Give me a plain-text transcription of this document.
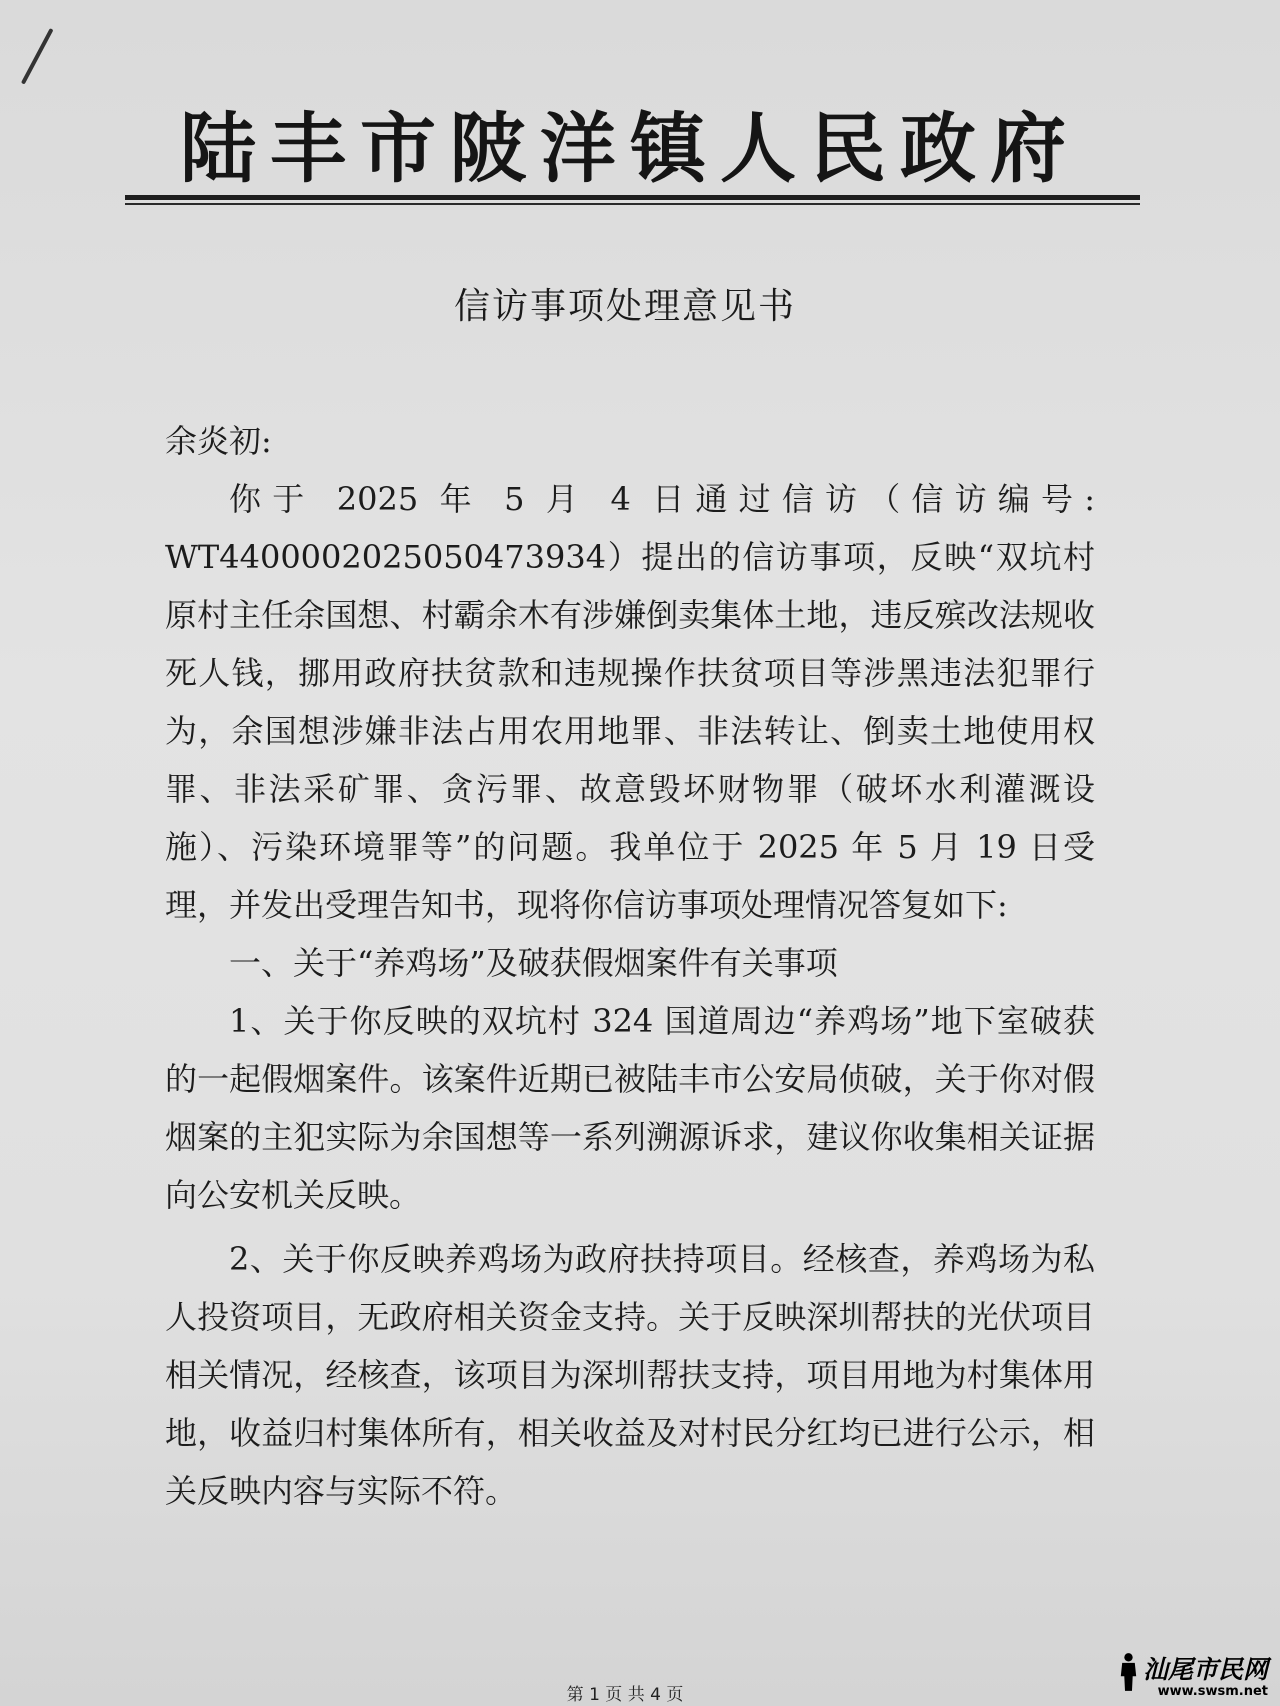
陆丰市陂洋镇人民政府
信访事项处理意见书

余炎初:

你于 2025 年 5 月 4 日通过信访（信访编号: WT4400002025050473934）提出的信访事项，反映“双坑村原村主任余国想、村霸余木有涉嫌倒卖集体土地，违反殡改法规收死人钱，挪用政府扶贫款和违规操作扶贫项目等涉黑违法犯罪行为，余国想涉嫌非法占用农用地罪、非法转让、倒卖土地使用权罪、非法采矿罪、贪污罪、故意毁坏财物罪（破坏水利灌溉设施）、污染环境罪等”的问题。我单位于 2025 年 5 月 19 日受理，并发出受理告知书，现将你信访事项处理情况答复如下:

一、关于“养鸡场”及破获假烟案件有关事项

1、关于你反映的双坑村 324 国道周边“养鸡场”地下室破获的一起假烟案件。该案件近期已被陆丰市公安局侦破，关于你对假烟案的主犯实际为余国想等一系列溯源诉求，建议你收集相关证据向公安机关反映。

2、关于你反映养鸡场为政府扶持项目。经核查，养鸡场为私人投资项目，无政府相关资金支持。关于反映深圳帮扶的光伏项目相关情况，经核查，该项目为深圳帮扶支持，项目用地为村集体用地，收益归村集体所有，相关收益及对村民分红均已进行公示，相关反映内容与实际不符。

第 1 页 共 4 页
汕尾市民网
www.swsm.net
